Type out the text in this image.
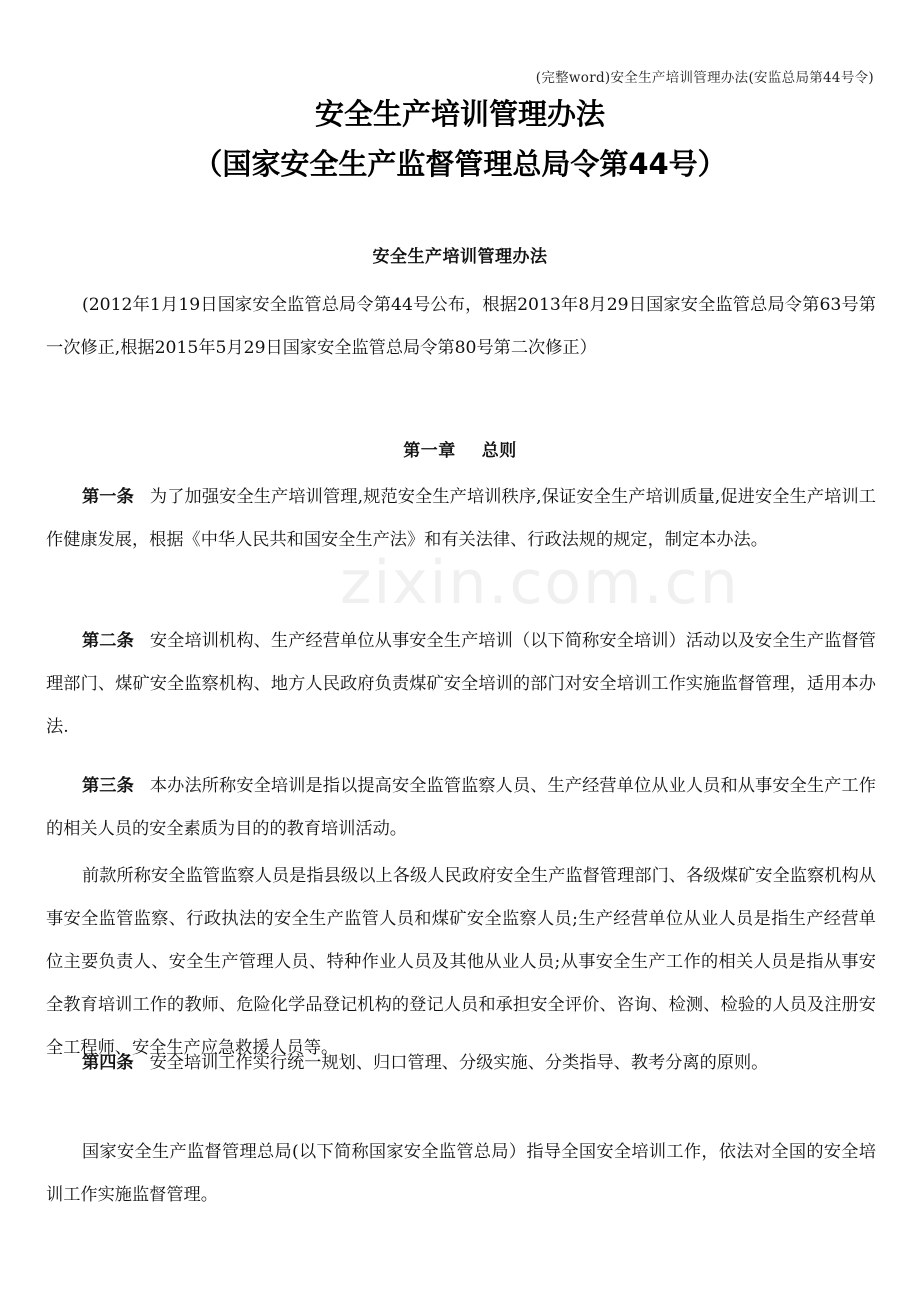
(完整word)安全生产培训管理办法(安监总局第44号令)
安全生产培训管理办法
（国家安全生产监督管理总局令第44号）
安全生产培训管理办法
(2012年1月19日国家安全监管总局令第44号公布，根据2013年8月29日国家安全监管总局令第63号第一次修正,根据2015年5月29日国家安全监管总局令第80号第二次修正）
第一章 总则
zixin.com.cn
第一条 为了加强安全生产培训管理,规范安全生产培训秩序,保证安全生产培训质量,促进安全生产培训工作健康发展，根据《中华人民共和国安全生产法》和有关法律、行政法规的规定，制定本办法。
第二条 安全培训机构、生产经营单位从事安全生产培训（以下简称安全培训）活动以及安全生产监督管理部门、煤矿安全监察机构、地方人民政府负责煤矿安全培训的部门对安全培训工作实施监督管理，适用本办法.
第三条 本办法所称安全培训是指以提高安全监管监察人员、生产经营单位从业人员和从事安全生产工作的相关人员的安全素质为目的的教育培训活动。
前款所称安全监管监察人员是指县级以上各级人民政府安全生产监督管理部门、各级煤矿安全监察机构从事安全监管监察、行政执法的安全生产监管人员和煤矿安全监察人员;生产经营单位从业人员是指生产经营单位主要负责人、安全生产管理人员、特种作业人员及其他从业人员;从事安全生产工作的相关人员是指从事安全教育培训工作的教师、危险化学品登记机构的登记人员和承担安全评价、咨询、检测、检验的人员及注册安全工程师、安全生产应急救援人员等。
第四条 安全培训工作实行统一规划、归口管理、分级实施、分类指导、教考分离的原则。
国家安全生产监督管理总局(以下简称国家安全监管总局）指导全国安全培训工作，依法对全国的安全培训工作实施监督管理。
